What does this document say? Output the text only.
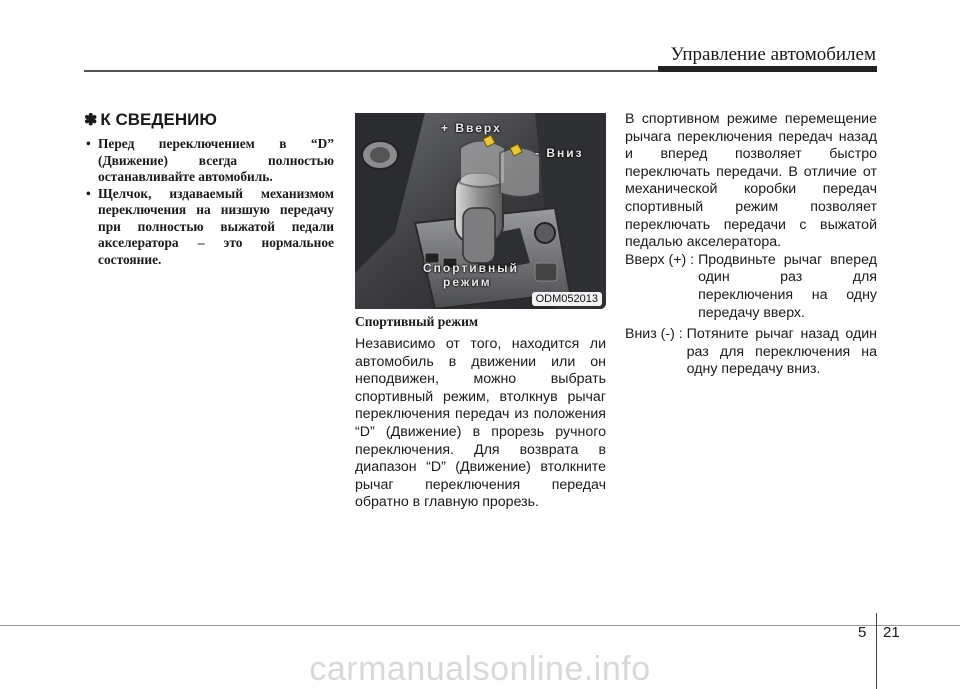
Управление автомобилем
✽ К СВЕДЕНИЮ
• Перед переключением в “D” (Движение) всегда полностью останавливайте автомобиль.
• Щелчок, издаваемый механизмом переключения на низшую передачу при полностью выжатой педали акселератора – это нормальное состояние.
+ Вверх
- Вниз
Спортивный
режим
ODM052013
Спортивный режим

Независимо от того, находится ли автомобиль в движении или он неподвижен, можно выбрать спортивный режим, втолкнув рычаг переключения передач из положения “D” (Движение) в прорезь ручного переключения. Для возврата в диапазон “D” (Движение) втолкните рычаг переключения передач обратно в главную прорезь.

В спортивном режиме перемещение рычага переключения передач назад и вперед позволяет быстро переключать передачи. В отличие от механической коробки передач спортивный режим позволяет переключать передачи с выжатой педалью акселератора.

Вверх (+) : Продвиньте рычаг вперед один раз для переключения на одну передачу вверх.
Вниз (-) : Потяните рычаг назад один раз для переключения на одну передачу вниз.
5 21
carmanualsonline.info
